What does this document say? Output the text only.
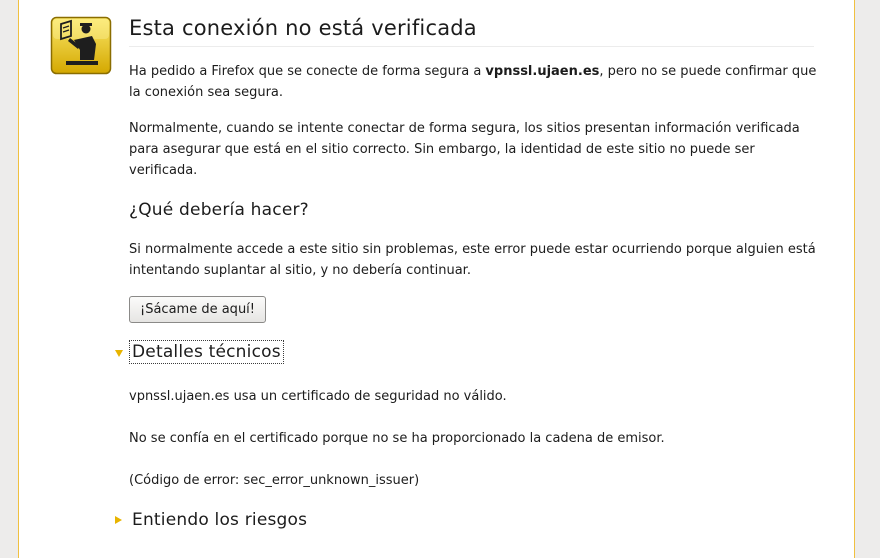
Esta conexión no está verificada

Ha pedido a Firefox que se conecte de forma segura a vpnssl.ujaen.es, pero no se puede confirmar que la conexión sea segura.

Normalmente, cuando se intente conectar de forma segura, los sitios presentan información verificada para asegurar que está en el sitio correcto. Sin embargo, la identidad de este sitio no puede ser verificada.

¿Qué debería hacer?

Si normalmente accede a este sitio sin problemas, este error puede estar ocurriendo porque alguien está intentando suplantar al sitio, y no debería continuar.

¡Sácame de aquí!
Detalles técnicos

vpnssl.ujaen.es usa un certificado de seguridad no válido.

No se confía en el certificado porque no se ha proporcionado la cadena de emisor.

(Código de error: sec_error_unknown_issuer)

Entiendo los riesgos
